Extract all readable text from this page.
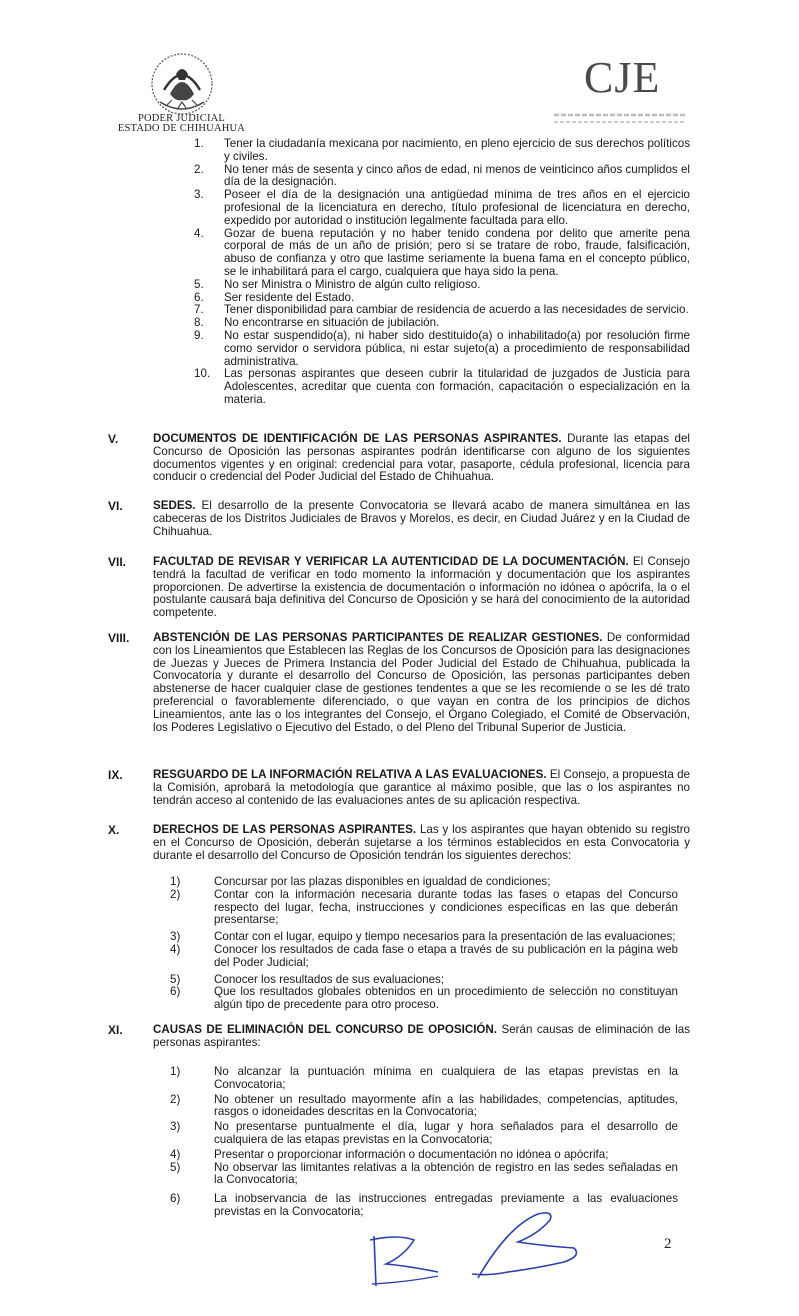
PODER JUDICIAL
ESTADO DE CHIHUAHUA
CJE
1.	Tener la ciudadanía mexicana por nacimiento, en pleno ejercicio de sus derechos políticos y civiles.
2.	No tener más de sesenta y cinco años de edad, ni menos de veinticinco años cumplidos el día de la designación.
3.	Poseer el día de la designación una antigüedad mínima de tres años en el ejercicio profesional de la licenciatura en derecho, título profesional de licenciatura en derecho, expedido por autoridad o institución legalmente facultada para ello.
4.	Gozar de buena reputación y no haber tenido condena por delito que amerite pena corporal de más de un año de prisión; pero si se tratare de robo, fraude, falsificación, abuso de confianza y otro que lastime seriamente la buena fama en el concepto público, se le inhabilitará para el cargo, cualquiera que haya sido la pena.
5.	No ser Ministra o Ministro de algún culto religioso.
6.	Ser residente del Estado.
7.	Tener disponibilidad para cambiar de residencia de acuerdo a las necesidades de servicio.
8.	No encontrarse en situación de jubilación.
9.	No estar suspendido(a), ni haber sido destituido(a) o inhabilitado(a) por resolución firme como servidor o servidora pública, ni estar sujeto(a) a procedimiento de responsabilidad administrativa.
10.	Las personas aspirantes que deseen cubrir la titularidad de juzgados de Justicia para Adolescentes, acreditar que cuenta con formación, capacitación o especialización en la materia.
V.	DOCUMENTOS DE IDENTIFICACIÓN DE LAS PERSONAS ASPIRANTES. Durante las etapas del Concurso de Oposición las personas aspirantes podrán identificarse con alguno de los siguientes documentos vigentes y en original: credencial para votar, pasaporte, cédula profesional, licencia para conducir o credencial del Poder Judicial del Estado de Chihuahua.
VI.	SEDES. El desarrollo de la presente Convocatoria se llevará acabo de manera simultánea en las cabeceras de los Distritos Judiciales de Bravos y Morelos, es decir, en Ciudad Juárez y en la Ciudad de Chihuahua.
VII. FACULTAD DE REVISAR Y VERIFICAR LA AUTENTICIDAD DE LA DOCUMENTACIÓN. El Consejo tendrá la facultad de verificar en todo momento la información y documentación que los aspirantes proporcionen. De advertirse la existencia de documentación o información no idónea o apócrifa, la o el postulante causará baja definitiva del Concurso de Oposición y se hará del conocimiento de la autoridad competente.
VIII. ABSTENCIÓN DE LAS PERSONAS PARTICIPANTES DE REALIZAR GESTIONES. De conformidad con los Lineamientos que Establecen las Reglas de los Concursos de Oposición para las designaciones de Juezas y Jueces de Primera Instancia del Poder Judicial del Estado de Chihuahua, publicada la Convocatoria y durante el desarrollo del Concurso de Oposición, las personas participantes deben abstenerse de hacer cualquier clase de gestiones tendentes a que se les recomiende o se les dé trato preferencial o favorablemente diferenciado, o que vayan en contra de los principios de dichos Lineamientos, ante las o los integrantes del Consejo, el Órgano Colegiado, el Comité de Observación, los Poderes Legislativo o Ejecutivo del Estado, o del Pleno del Tribunal Superior de Justicia.
IX.	RESGUARDO DE LA INFORMACIÓN RELATIVA A LAS EVALUACIONES. El Consejo, a propuesta de la Comisión, aprobará la metodología que garantice al máximo posible, que las o los aspirantes no tendrán acceso al contenido de las evaluaciones antes de su aplicación respectiva.
X.	DERECHOS DE LAS PERSONAS ASPIRANTES. Las y los aspirantes que hayan obtenido su registro en el Concurso de Oposición, deberán sujetarse a los términos establecidos en esta Convocatoria y durante el desarrollo del Concurso de Oposición tendrán los siguientes derechos:
1)	Concursar por las plazas disponibles en igualdad de condiciones;
2)	Contar con la información necesaria durante todas las fases o etapas del Concurso respecto del lugar, fecha, instrucciones y condiciones específicas en las que deberán presentarse;
3)	Contar con el lugar, equipo y tiempo necesarios para la presentación de las evaluaciones;
4)	Conocer los resultados de cada fase o etapa a través de su publicación en la página web del Poder Judicial;
5)	Conocer los resultados de sus evaluaciones;
6)	Que los resultados globales obtenidos en un procedimiento de selección no constituyan algún tipo de precedente para otro proceso.
XI.	CAUSAS DE ELIMINACIÓN DEL CONCURSO DE OPOSICIÓN. Serán causas de eliminación de las personas aspirantes:
1)	No alcanzar la puntuación mínima en cualquiera de las etapas previstas en la Convocatoria;
2)	No obtener un resultado mayormente afín a las habilidades, competencias, aptitudes, rasgos o idoneidades descritas en la Convocatoria;
3)	No presentarse puntualmente el día, lugar y hora señalados para el desarrollo de cualquiera de las etapas previstas en la Convocatoria;
4)	Presentar o proporcionar información o documentación no idónea o apócrifa;
5)	No observar las limitantes relativas a la obtención de registro en las sedes señaladas en la Convocatoria;
6)	La inobservancia de las instrucciones entregadas previamente a las evaluaciones previstas en la Convocatoria;
2
